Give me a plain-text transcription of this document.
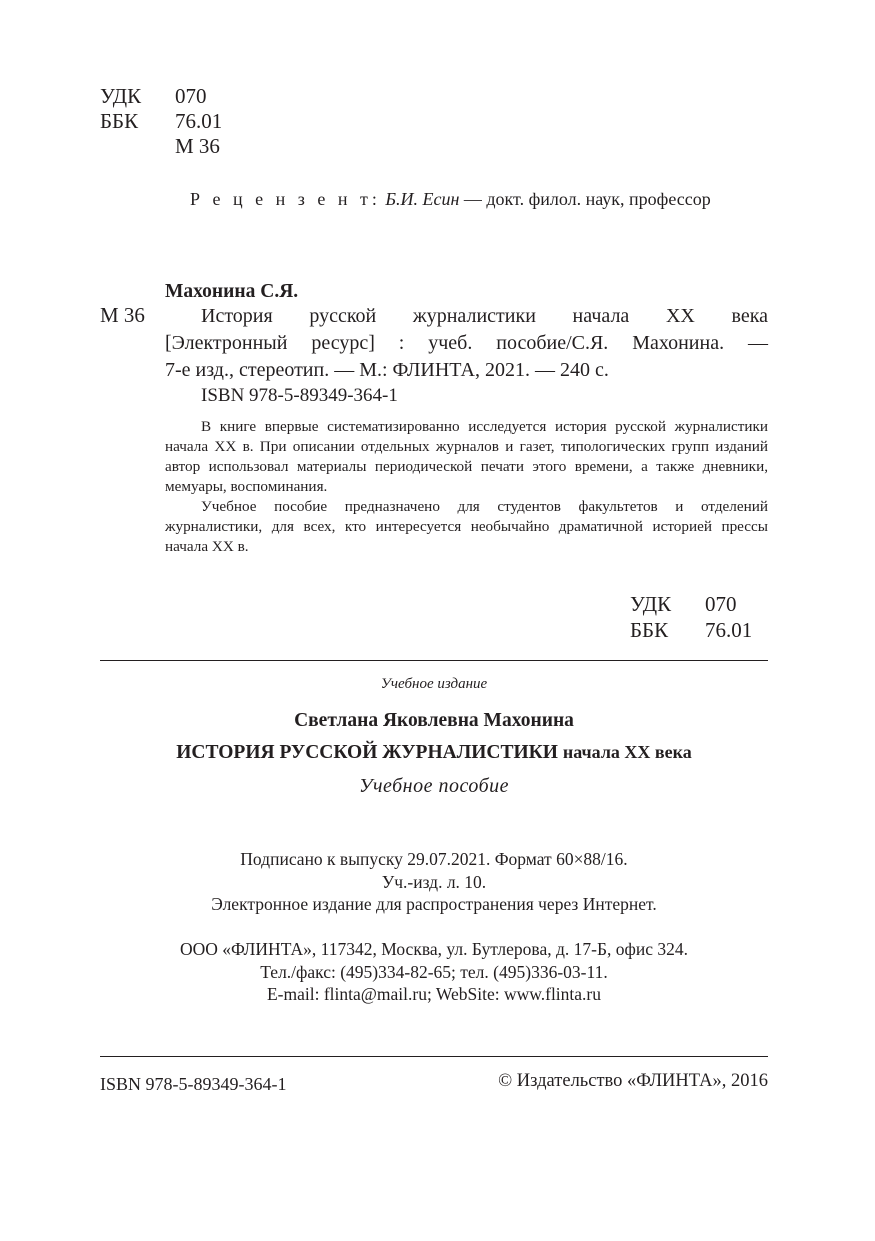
УДК	070
ББК	76.01
М 36
Р е ц е н з е н т: Б.И. Есин — докт. филол. наук, профессор
Махонина С.Я.
М 36	История русской журналистики начала XX века

[Электронный ресурс] : учеб. пособие/С.Я. Махонина. —

7-е изд., стереотип. — М.: ФЛИНТА, 2021. — 240 с.

ISBN 978-5-89349-364-1

В книге впервые систематизированно исследуется история русской журналистики начала XX в. При описании отдельных журналов и газет, типологических групп изданий автор использовал материалы периодической печати этого времени, а также дневники, мемуары, воспоминания.

Учебное пособие предназначено для студентов факультетов и отделений журналистики, для всех, кто интересуется необычайно драматичной историей прессы начала XX в.

УДК	070
ББК	76.01
Учебное издание
Светлана Яковлевна Махонина
ИСТОРИЯ РУССКОЙ ЖУРНАЛИСТИКИ начала XX века
Учебное пособие
Подписано к выпуску 29.07.2021. Формат 60×88/16.
Уч.-изд. л. 10.
Электронное издание для распространения через Интернет.
ООО «ФЛИНТА», 117342, Москва, ул. Бутлерова, д. 17-Б, офис 324.
Тел./факс: (495)334-82-65; тел. (495)336-03-11.
E-mail: flinta@mail.ru; WebSite: www.flinta.ru
ISBN 978-5-89349-364-1	© Издательство «ФЛИНТА», 2016
